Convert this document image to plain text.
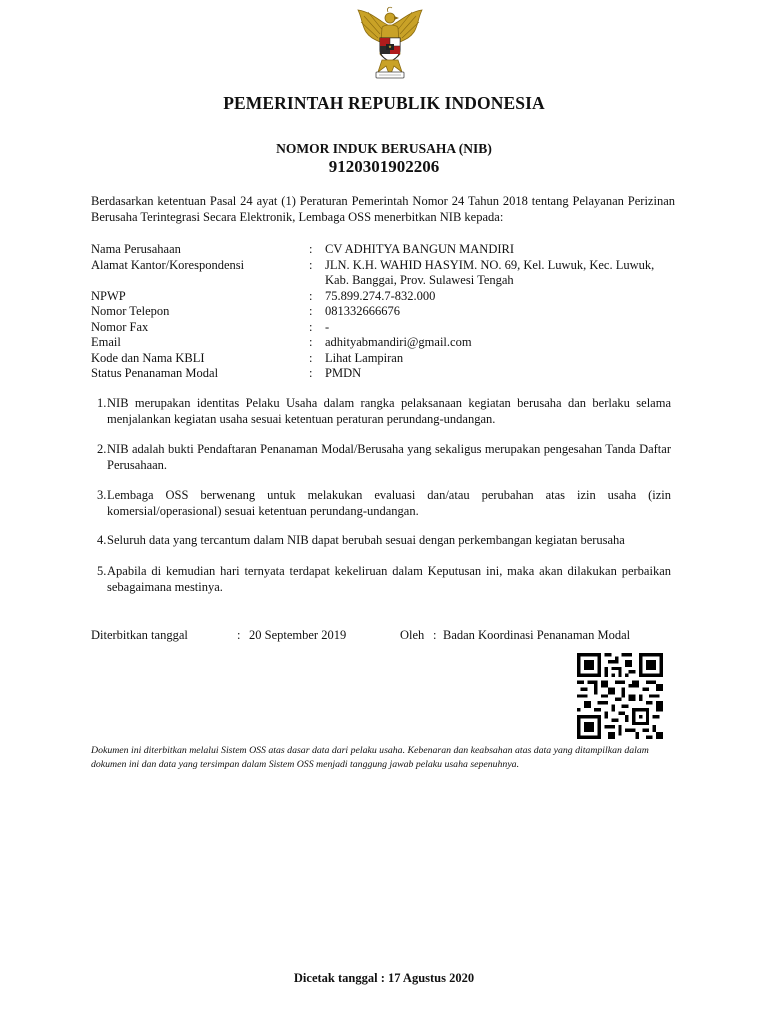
PEMERINTAH REPUBLIK INDONESIA
NOMOR INDUK BERUSAHA (NIB)
9120301902206
Berdasarkan ketentuan Pasal 24 ayat (1) Peraturan Pemerintah Nomor 24 Tahun 2018 tentang Pelayanan Perizinan Berusaha Terintegrasi Secara Elektronik, Lembaga OSS menerbitkan NIB kepada:
Nama Perusahaan	:	CV ADHITYA BANGUN MANDIRI
Alamat Kantor/Korespondensi	:	JLN. K.H. WAHID HASYIM. NO. 69, Kel. Luwuk, Kec. Luwuk,
Kab. Banggai, Prov. Sulawesi Tengah
NPWP	:	75.899.274.7-832.000
Nomor Telepon	:	081332666676
Nomor Fax	:	-
Email	:	adhityabmandiri@gmail.com
Kode dan Nama KBLI	:	Lihat Lampiran
Status Penanaman Modal	:	PMDN
1. NIB merupakan identitas Pelaku Usaha dalam rangka pelaksanaan kegiatan berusaha dan berlaku selama menjalankan kegiatan usaha sesuai ketentuan peraturan perundang-undangan.
2. NIB adalah bukti Pendaftaran Penanaman Modal/Berusaha yang sekaligus merupakan pengesahan Tanda Daftar Perusahaan.
3. Lembaga OSS berwenang untuk melakukan evaluasi dan/atau perubahan atas izin usaha (izin komersial/operasional) sesuai ketentuan perundang-undangan.
4. Seluruh data yang tercantum dalam NIB dapat berubah sesuai dengan perkembangan kegiatan berusaha
5. Apabila di kemudian hari ternyata terdapat kekeliruan dalam Keputusan ini, maka akan dilakukan perbaikan sebagaimana mestinya.
Diterbitkan tanggal	: 20 September 2019	Oleh : Badan Koordinasi Penanaman Modal
Dokumen ini diterbitkan melalui Sistem OSS atas dasar data dari pelaku usaha. Kebenaran dan keabsahan atas data yang ditampilkan dalam dokumen ini dan data yang tersimpan dalam Sistem OSS menjadi tanggung jawab pelaku usaha sepenuhnya.
Dicetak tanggal : 17 Agustus 2020
